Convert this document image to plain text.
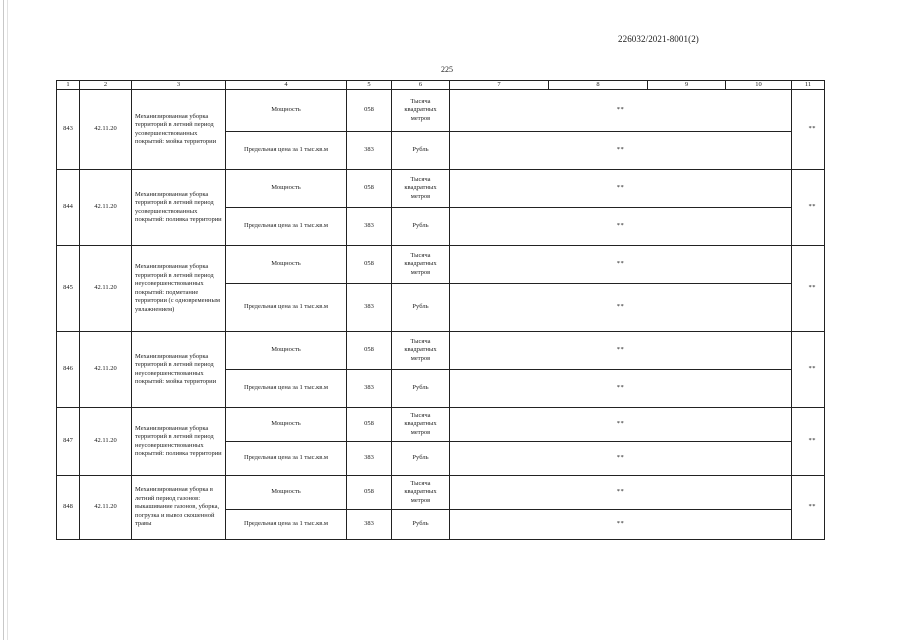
226032/2021-8001(2)
225
1	2	3	4	5	6	7	8	9	10	11
843	42.11.20	Механизированная уборка территорий в летний период усовершенствованных покрытий: мойка территории	Мощность	058	Тысяча квадратных метров	**				**
			Предельная цена за 1 тыс.кв.м	383	Рубль	**				
844	42.11.20	Механизированная уборка территорий в летний период усовершенствованных покрытий: поливка территории	Мощность	058	Тысяча квадратных метров	**				**
			Предельная цена за 1 тыс.кв.м	383	Рубль	**				
845	42.11.20	Механизированная уборка территорий в летний период неусовершенствованных покрытий: подметание территории (с одновременным увлажнением)	Мощность	058	Тысяча квадратных метров	**				**
			Предельная цена за 1 тыс.кв.м	383	Рубль	**				
846	42.11.20	Механизированная уборка территорий в летний период неусовершенствованных покрытий: мойка территории	Мощность	058	Тысяча квадратных метров	**				**
			Предельная цена за 1 тыс.кв.м	383	Рубль	**				
847	42.11.20	Механизированная уборка территорий в летний период неусовершенствованных покрытий: поливка территории	Мощность	058	Тысяча квадратных метров	**				**
			Предельная цена за 1 тыс.кв.м	383	Рубль	**				
848	42.11.20	Механизированная уборка в летний период газонов: выкашивание газонов, уборка, погрузка и вывоз скошенной травы	Мощность	058	Тысяча квадратных метров	**				**
			Предельная цена за 1 тыс.кв.м	383	Рубль	**				
